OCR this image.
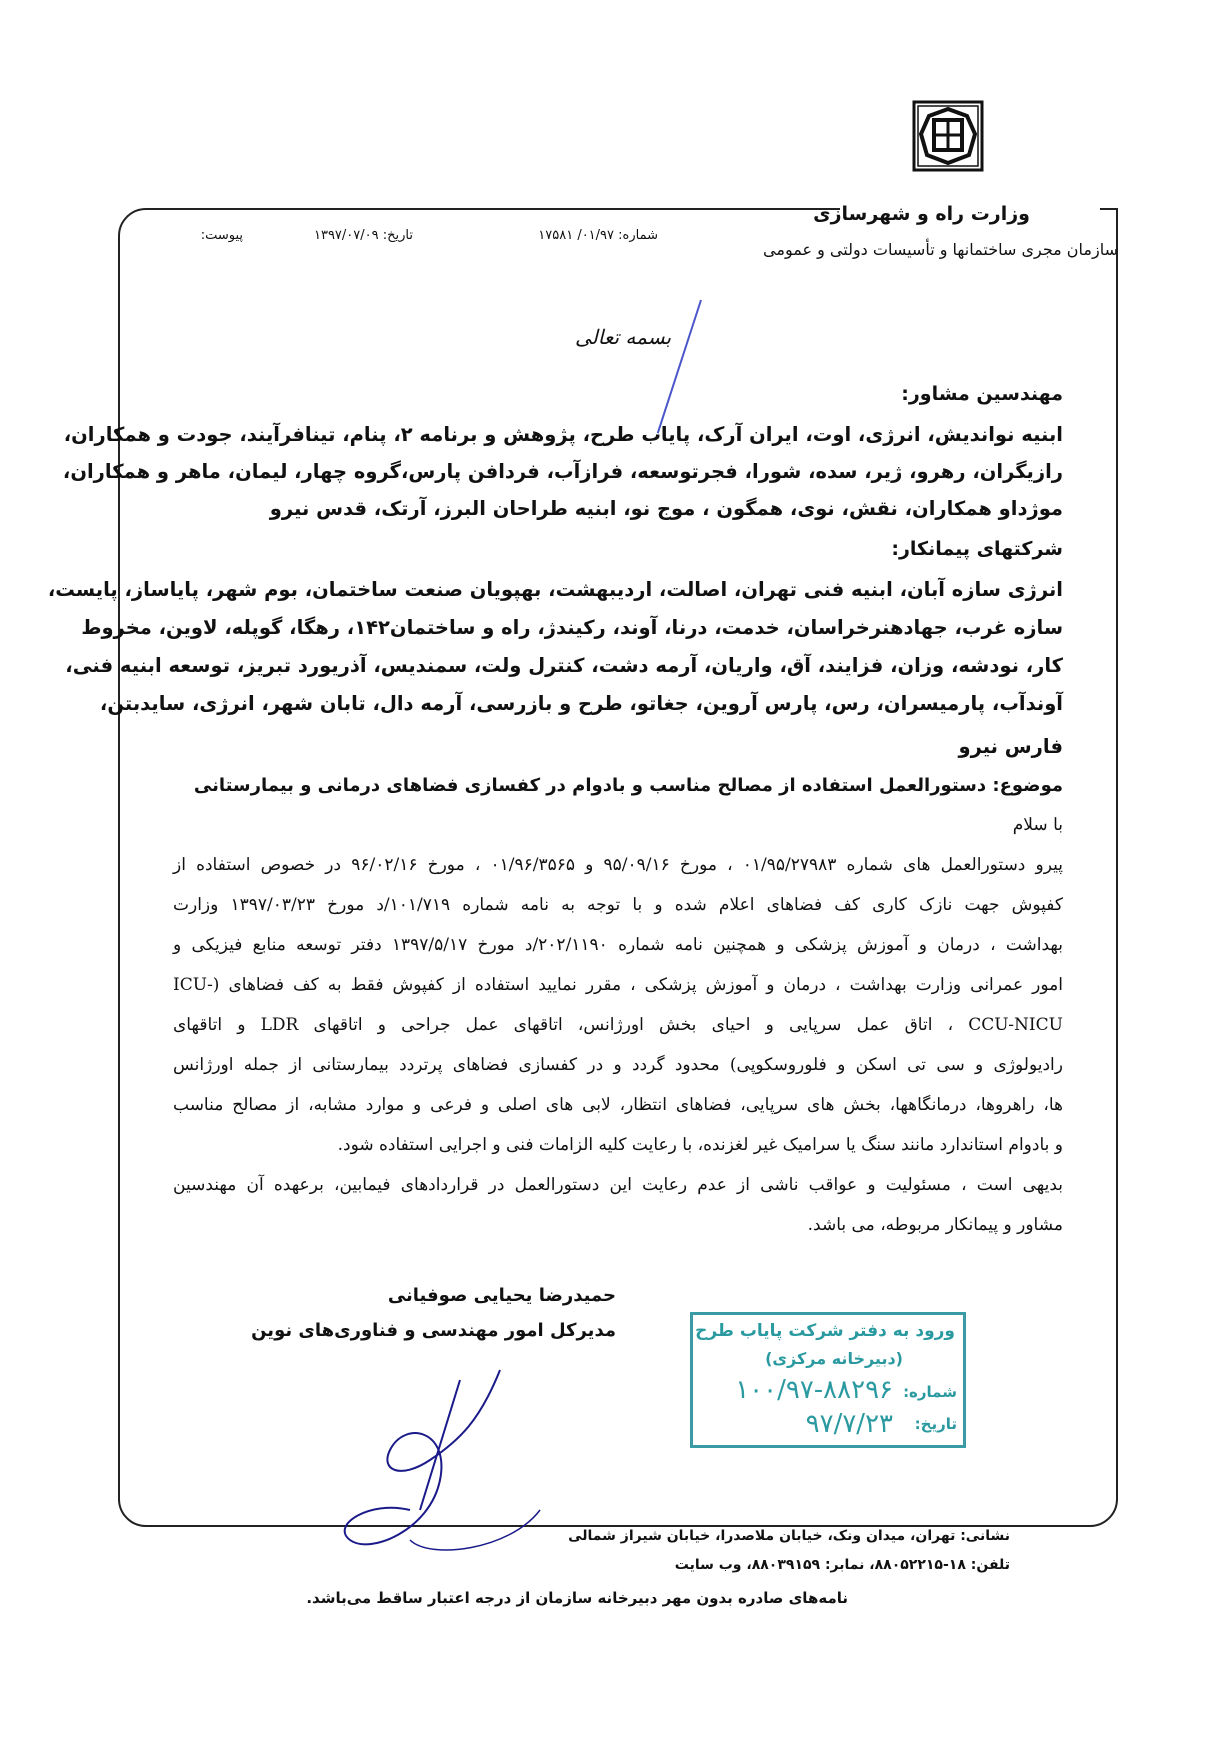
وزارت راه و شهرسازی
سازمان مجری ساختمانها و تأسیسات دولتی و عمومی
شماره: ۰۱/۹۷/ ۱۷۵۸۱
تاریخ: ۱۳۹۷/۰۷/۰۹
پیوست:
بسمه تعالی
مهندسین مشاور:
ابنیه نواندیش، انرژی، اوت، ایران آرک، پایاب طرح، پژوهش و برنامه ۲، پنام، تینافرآیند، جودت و همکاران،
رازیگران، رهرو، ژیر، سده، شورا، فجرتوسعه، فرازآب، فردافن پارس،گروه چهار، لیمان، ماهر و همکاران،
موژداو همکاران، نقش، نوی، همگون ، موج نو، ابنیه طراحان البرز، آرتک، قدس نیرو
شرکتهای پیمانکار:
انرژی سازه آبان، ابنیه فنی تهران، اصالت، اردیبهشت، بهپویان صنعت ساختمان، بوم شهر، پایاساز، پایست،
سازه غرب، جهادهنرخراسان، خدمت، درنا، آوند، رکیندژ، راه و ساختمان۱۴۲، رهگا، گوپله، لاوین، مخروط
کار، نودشه، وزان، فزایند، آق، واریان، آرمه دشت، کنترل ولت، سمندیس، آذریورد تبریز، توسعه ابنیه فنی،
آوندآب، پارمیسران، رس، پارس آروین، جغاتو، طرح و بازرسی، آرمه دال، تابان شهر، انرژی، سایدبتن،
فارس نیرو
موضوع: دستورالعمل استفاده از مصالح مناسب و بادوام در کفسازی فضاهای درمانی و بیمارستانی
با سلام
پیرو دستورالعمل های شماره ۰۱/۹۵/۲۷۹۸۳ ، مورخ ۹۵/۰۹/۱۶ و ۰۱/۹۶/۳۵۶۵ ، مورخ ۹۶/۰۲/۱۶ در خصوص استفاده از
کفپوش جهت نازک کاری کف فضاهای اعلام شده و با توجه به نامه شماره ۱۰۱/۷۱۹/د مورخ ۱۳۹۷/۰۳/۲۳ وزارت
بهداشت ، درمان و آموزش پزشکی و همچنین نامه شماره ۲۰۲/۱۱۹۰/د مورخ ۱۳۹۷/۵/۱۷ دفتر توسعه منابع فیزیکی و
امور عمرانی وزارت بهداشت ، درمان و آموزش پزشکی ، مقرر نمایید استفاده از کفپوش فقط به کف فضاهای (-ICU
CCU-NICU ، اتاق عمل سرپایی و احیای بخش اورژانس، اتاقهای عمل جراحی و اتاقهای LDR و اتاقهای
رادیولوژی و سی تی اسکن و فلوروسکوپی) محدود گردد و در کفسازی فضاهای پرتردد بیمارستانی از جمله اورژانس
ها، راهروها، درمانگاهها، بخش های سرپایی، فضاهای انتظار، لابی های اصلی و فرعی و موارد مشابه، از مصالح مناسب
و بادوام استاندارد مانند سنگ یا سرامیک غیر لغزنده، با رعایت کلیه الزامات فنی و اجرایی استفاده شود.
بدیهی است ، مسئولیت و عواقب ناشی از عدم رعایت این دستورالعمل در قراردادهای فیمابین، برعهده آن مهندسین
مشاور و پیمانکار مربوطه، می باشد.
حمیدرضا یحیایی صوفیانی
مدیرکل امور مهندسی و فناوری‌های نوین	ورود به دفتر شرکت پایاب طرح
(دبیرخانه مرکزی)
شماره:
۱۰۰/۹۷-۸۸۲۹۶
تاریخ:
۹۷/۷/۲۳
نشانی: تهران، میدان ونک، خیابان ملاصدرا، خیابان شیراز شمالی
تلفن: ۱۸-۸۸۰۵۲۲۱۵، نمابر: ۸۸۰۳۹۱۵۹، وب سایت
نامه‌های صادره بدون مهر دبیرخانه سازمان از درجه اعتبار ساقط می‌باشد.
